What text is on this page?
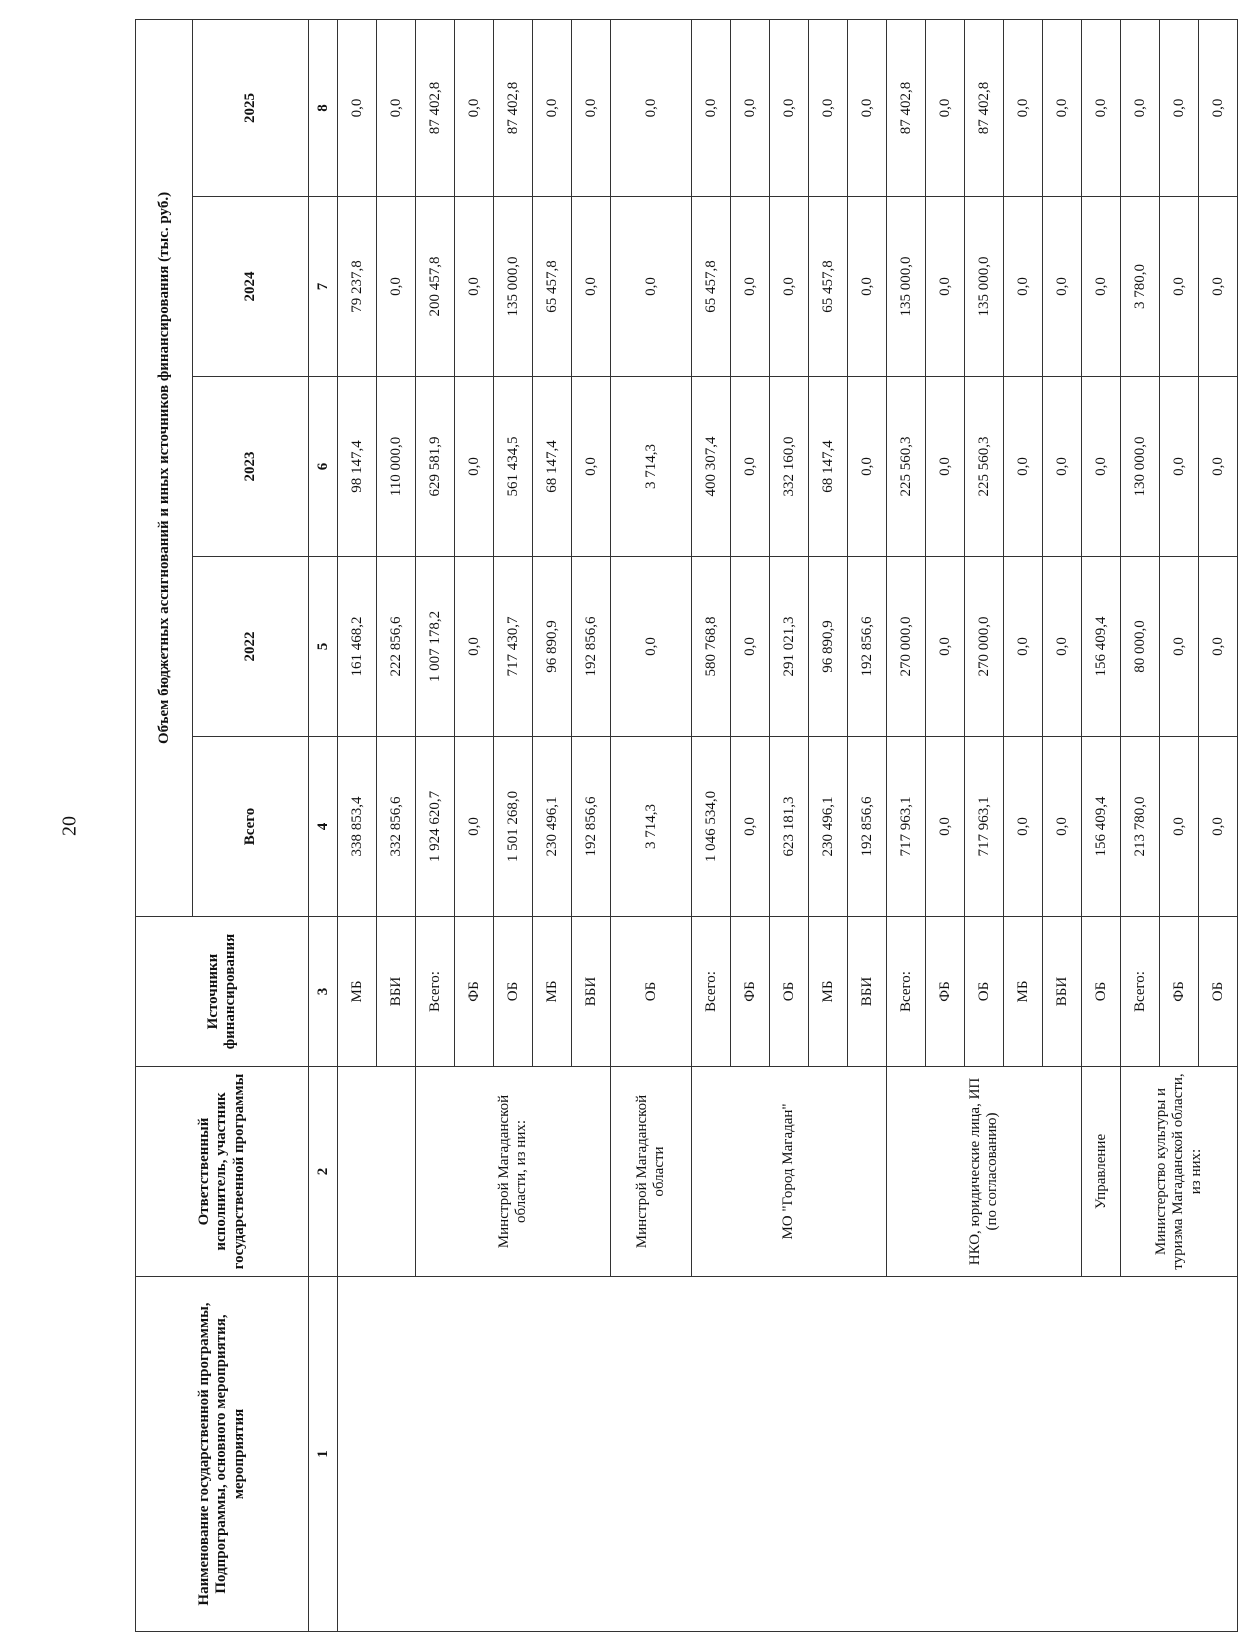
20
Наименование государственной программы, Подпрограммы, основного мероприятия, мероприятия	Ответственный исполнитель, участник государственной программы	Источники финансирования	Объем бюджетных ассигнований и иных источников финансирования (тыс. руб.)				
			Всего	2022	2023	2024	2025
1	2	3	4	5	6	7	8
		МБ	338 853,4	161 468,2	98 147,4	79 237,8	0,0
		ВБИ	332 856,6	222 856,6	110 000,0	0,0	0,0
	Минстрой Магаданской области, из них:	Всего:	1 924 620,7	1 007 178,2	629 581,9	200 457,8	87 402,8
		ФБ	0,0	0,0	0,0	0,0	0,0
		ОБ	1 501 268,0	717 430,7	561 434,5	135 000,0	87 402,8
		МБ	230 496,1	96 890,9	68 147,4	65 457,8	0,0
		ВБИ	192 856,6	192 856,6	0,0	0,0	0,0
	Минстрой Магаданской области	ОБ	3 714,3	0,0	3 714,3	0,0	0,0
	МО "Город Магадан"	Всего:	1 046 534,0	580 768,8	400 307,4	65 457,8	0,0
		ФБ	0,0	0,0	0,0	0,0	0,0
		ОБ	623 181,3	291 021,3	332 160,0	0,0	0,0
		МБ	230 496,1	96 890,9	68 147,4	65 457,8	0,0
		ВБИ	192 856,6	192 856,6	0,0	0,0	0,0
	НКО, юридические лица, ИП (по согласованию)	Всего:	717 963,1	270 000,0	225 560,3	135 000,0	87 402,8
		ФБ	0,0	0,0	0,0	0,0	0,0
		ОБ	717 963,1	270 000,0	225 560,3	135 000,0	87 402,8
		МБ	0,0	0,0	0,0	0,0	0,0
		ВБИ	0,0	0,0	0,0	0,0	0,0
	Управление	ОБ	156 409,4	156 409,4	0,0	0,0	0,0
	Министерство культуры и туризма Магаданской области, из них:	Всего:	213 780,0	80 000,0	130 000,0	3 780,0	0,0
		ФБ	0,0	0,0	0,0	0,0	0,0
		ОБ	0,0	0,0	0,0	0,0	0,0
